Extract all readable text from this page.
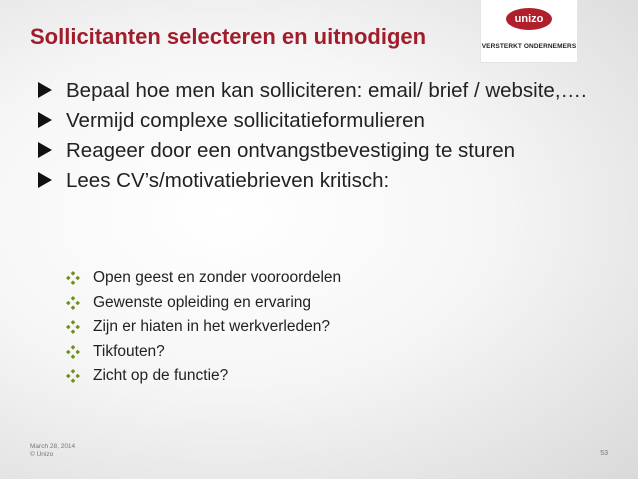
Sollicitanten selecteren en uitnodigen
unizo
VERSTERKT ONDERNEMERS
Bepaal hoe men kan solliciteren: email/ brief / website,….
Vermijd complexe sollicitatieformulieren
Reageer door een ontvangstbevestiging te sturen
Lees CV’s/motivatiebrieven kritisch:
Open geest en zonder vooroordelen
Gewenste opleiding en ervaring
Zijn er hiaten in het werkverleden?
Tikfouten?
Zicht op de functie?
March 28, 2014
© Unizo	53
